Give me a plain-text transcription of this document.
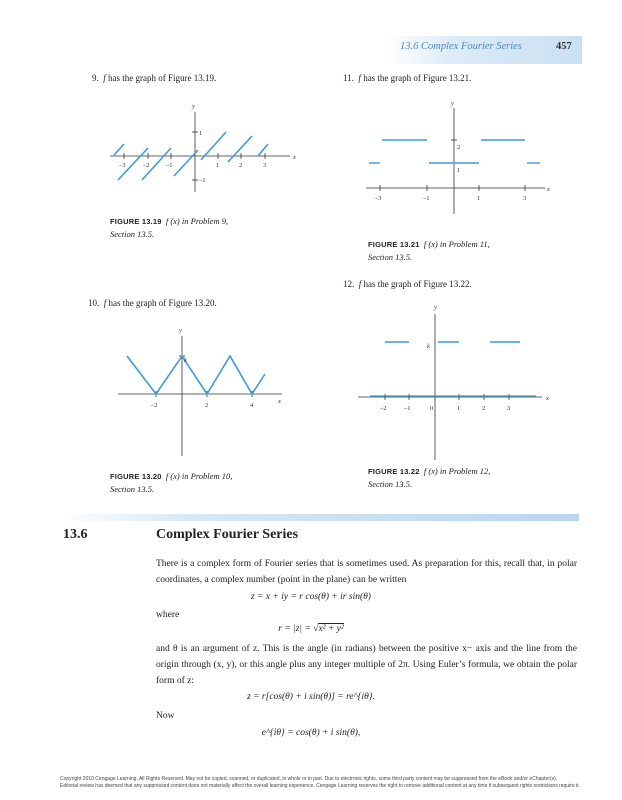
13.6 Complex Fourier Series	457
9. f has the graph of Figure 13.19.
y
x
–3	–2	–1	1	2	3
1
–1
FIGURE 13.19 f (x) in Problem 9,
Section 13.5.
10. f has the graph of Figure 13.20.
y
x
k
–2	2	4
FIGURE 13.20 f (x) in Problem 10,
Section 13.5.
11. f has the graph of Figure 13.21.
y
x
–3	–1	1	3
2
1
FIGURE 13.21 f (x) in Problem 11,
Section 13.5.
12. f has the graph of Figure 13.22.
y
x
k
–2	–1	0	1	2	3
FIGURE 13.22 f (x) in Problem 12,
Section 13.5.
13.6	Complex Fourier Series
There is a complex form of Fourier series that is sometimes used. As preparation for this, recall that, in polar coordinates, a complex number (point in the plane) can be written
z = x + iy = r cos(θ) + ir sin(θ)
where
r = |z| = √x² + y²
and θ is an argument of z. This is the angle (in radians) between the positive x− axis and the line from the origin through (x, y), or this angle plus any integer multiple of 2π. Using Euler’s formula, we obtain the polar form of z:
z = r[cos(θ) + i sin(θ)] = re^{iθ}.
Now
e^{iθ} = cos(θ) + i sin(θ),
Copyright 2010 Cengage Learning. All Rights Reserved. May not be copied, scanned, or duplicated, in whole or in part. Due to electronic rights, some third party content may be suppressed from the eBook and/or eChapter(s).
Editorial review has deemed that any suppressed content does not materially affect the overall learning experience. Cengage Learning reserves the right to remove additional content at any time if subsequent rights restrictions require it.
